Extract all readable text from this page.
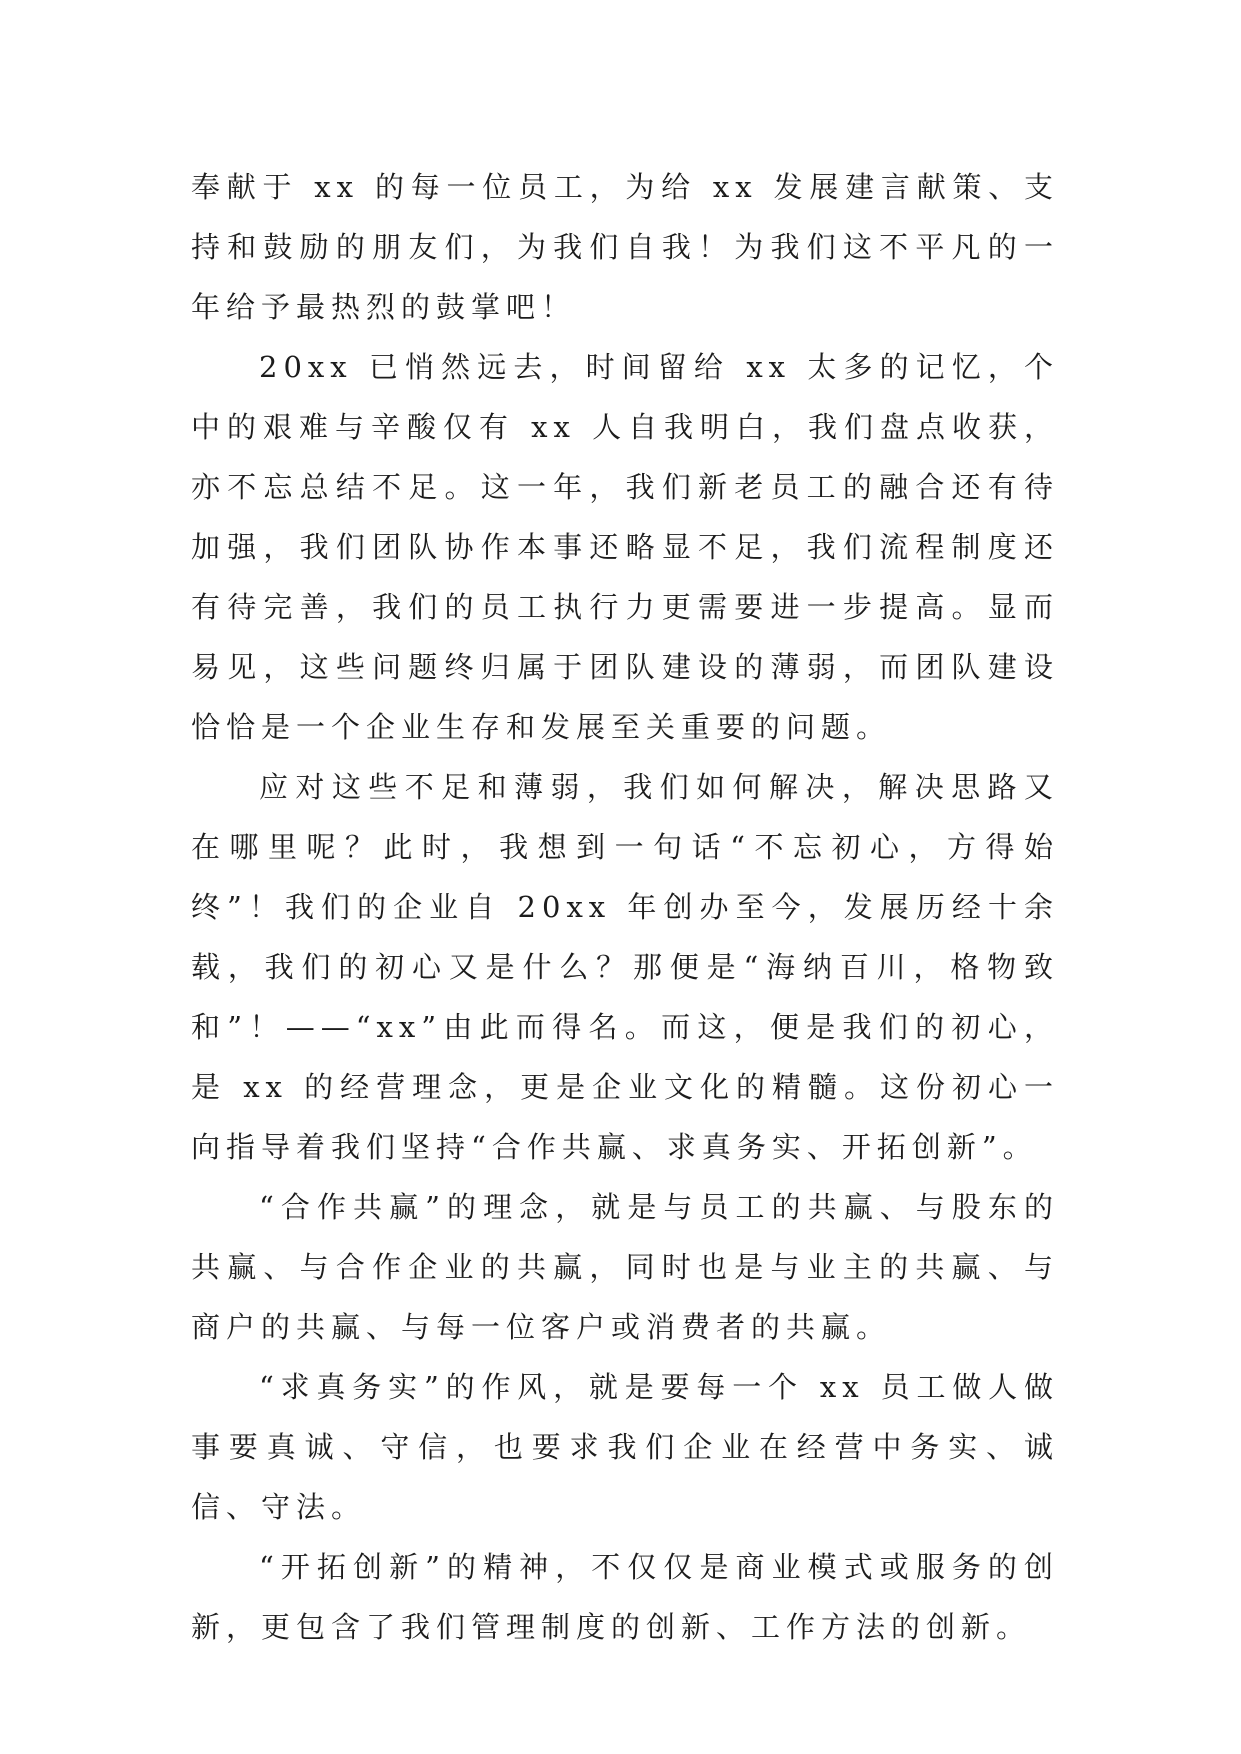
奉献于 xx 的每一位员工，为给 xx 发展建言献策、支持和鼓励的朋友们，为我们自我！为我们这不平凡的一年给予最热烈的鼓掌吧！

20xx 已悄然远去，时间留给 xx 太多的记忆，个中的艰难与辛酸仅有 xx 人自我明白，我们盘点收获，亦不忘总结不足。这一年，我们新老员工的融合还有待加强，我们团队协作本事还略显不足，我们流程制度还有待完善，我们的员工执行力更需要进一步提高。显而易见，这些问题终归属于团队建设的薄弱，而团队建设恰恰是一个企业生存和发展至关重要的问题。

应对这些不足和薄弱，我们如何解决，解决思路又在哪里呢？此时，我想到一句话“不忘初心，方得始终”！我们的企业自 20xx 年创办至今，发展历经十余载，我们的初心又是什么？那便是“海纳百川，格物致和”！——“xx”由此而得名。而这，便是我们的初心，是 xx 的经营理念，更是企业文化的精髓。这份初心一向指导着我们坚持“合作共赢、求真务实、开拓创新”。

“合作共赢”的理念，就是与员工的共赢、与股东的共赢、与合作企业的共赢，同时也是与业主的共赢、与商户的共赢、与每一位客户或消费者的共赢。

“求真务实”的作风，就是要每一个 xx 员工做人做事要真诚、守信，也要求我们企业在经营中务实、诚信、守法。

“开拓创新”的精神，不仅仅是商业模式或服务的创新，更包含了我们管理制度的创新、工作方法的创新。
